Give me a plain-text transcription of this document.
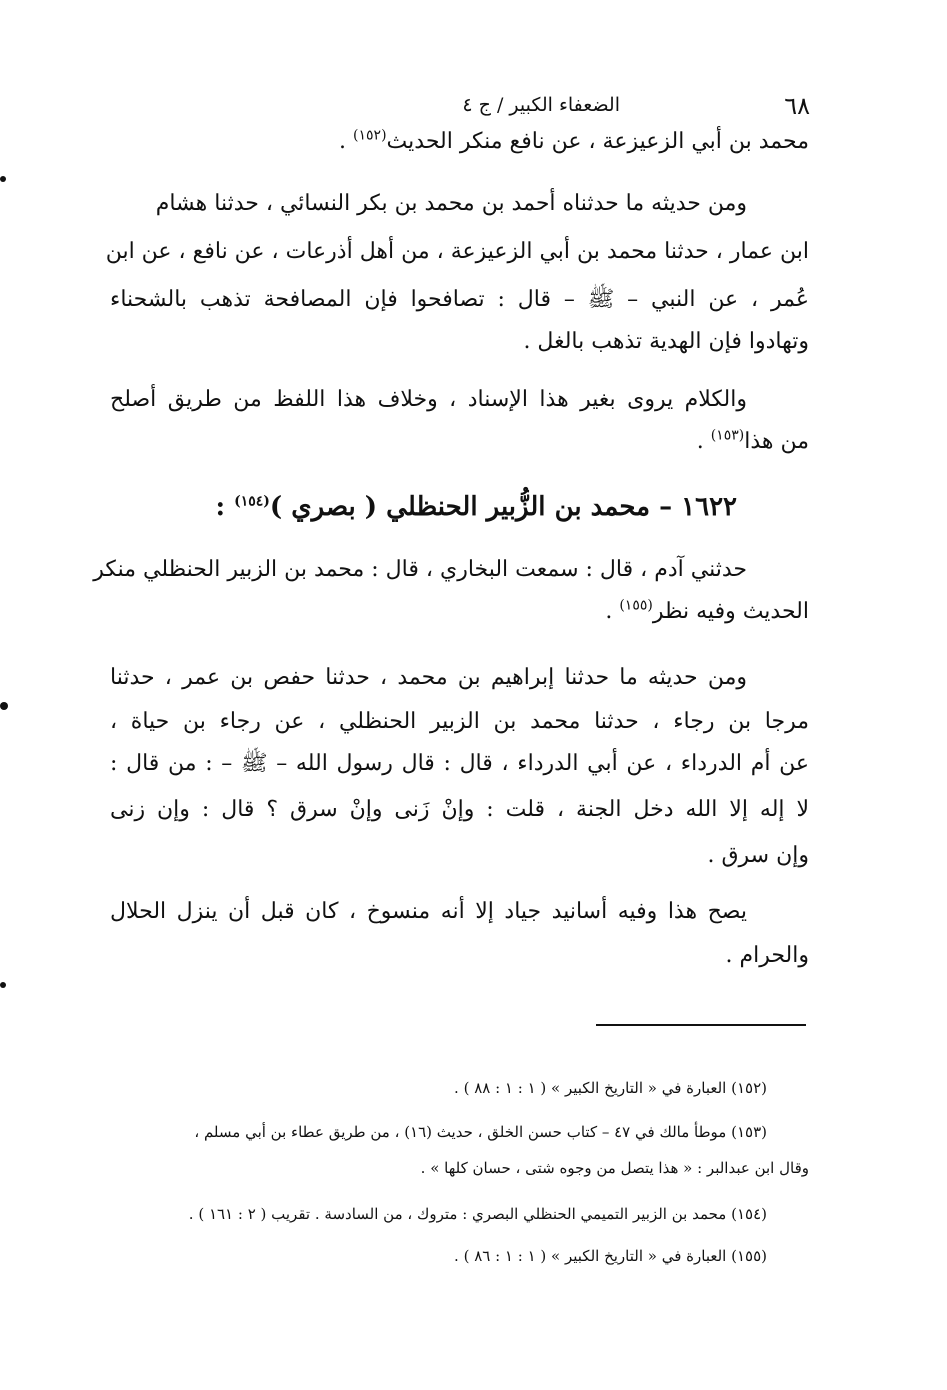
٦٨
الضعفاء الكبير / ج ٤
محمد بن أبي الزعيزعة ، عن نافع منكر الحديث$^{(١٥٢)}$ .
ومن حديثه ما حدثناه أحمد بن محمد بن بكر النسائي ، حدثنا هشام
ابن عمار ، حدثنا محمد بن أبي الزعيزعة ، من أهل أذرعات ، عن نافع ، عن ابن
عُمر ، عن النبي – ﷺ – قال : تصافحوا فإن المصافحة تذهب بالشحناء
وتهادوا فإن الهدية تذهب بالغل .
والكلام يروى بغير هذا الإسناد ، وخلاف هذا اللفظ من طريق أصلح
من هذا$^{(١٥٣)}$ .
١٦٢٢ – محمد بن الزُّبير الحنظلي ( بصري )$^{(١٥٤)}$ :
حدثني آدم ، قال : سمعت البخاري ، قال : محمد بن الزبير الحنظلي منكر
الحديث وفيه نظر$^{(١٥٥)}$ .
ومن حديثه ما حدثنا إبراهيم بن محمد ، حدثنا حفص بن عمر ، حدثنا
مرجا بن رجاء ، حدثنا محمد بن الزبير الحنظلي ، عن رجاء بن حياة ،
عن أم الدرداء ، عن أبي الدرداء ، قال : قال رسول الله – ﷺ – : من قال :
لا إله إلا الله دخل الجنة ، قلت : وإنْ زَنى وإنْ سرق ؟ قال : وإن زنى
وإن سرق .
يصح هذا وفيه أسانيد جياد إلا أنه منسوخ ، كان قبل أن ينزل الحلال
والحرام .
(١٥٢) العبارة في « التاريخ الكبير » ( ١ : ١ : ٨٨ ) .
(١٥٣) موطأ مالك في ٤٧ – كتاب حسن الخلق ، حديث (١٦) ، من طريق عطاء بن أبي مسلم ،
وقال ابن عبدالبر : « هذا يتصل من وجوه شتى ، حسان كلها » .
(١٥٤) محمد بن الزبير التميمي الحنظلي البصري : متروك ، من السادسة . تقريب ( ٢ : ١٦١ ) .
(١٥٥) العبارة في « التاريخ الكبير » ( ١ : ١ : ٨٦ ) .
